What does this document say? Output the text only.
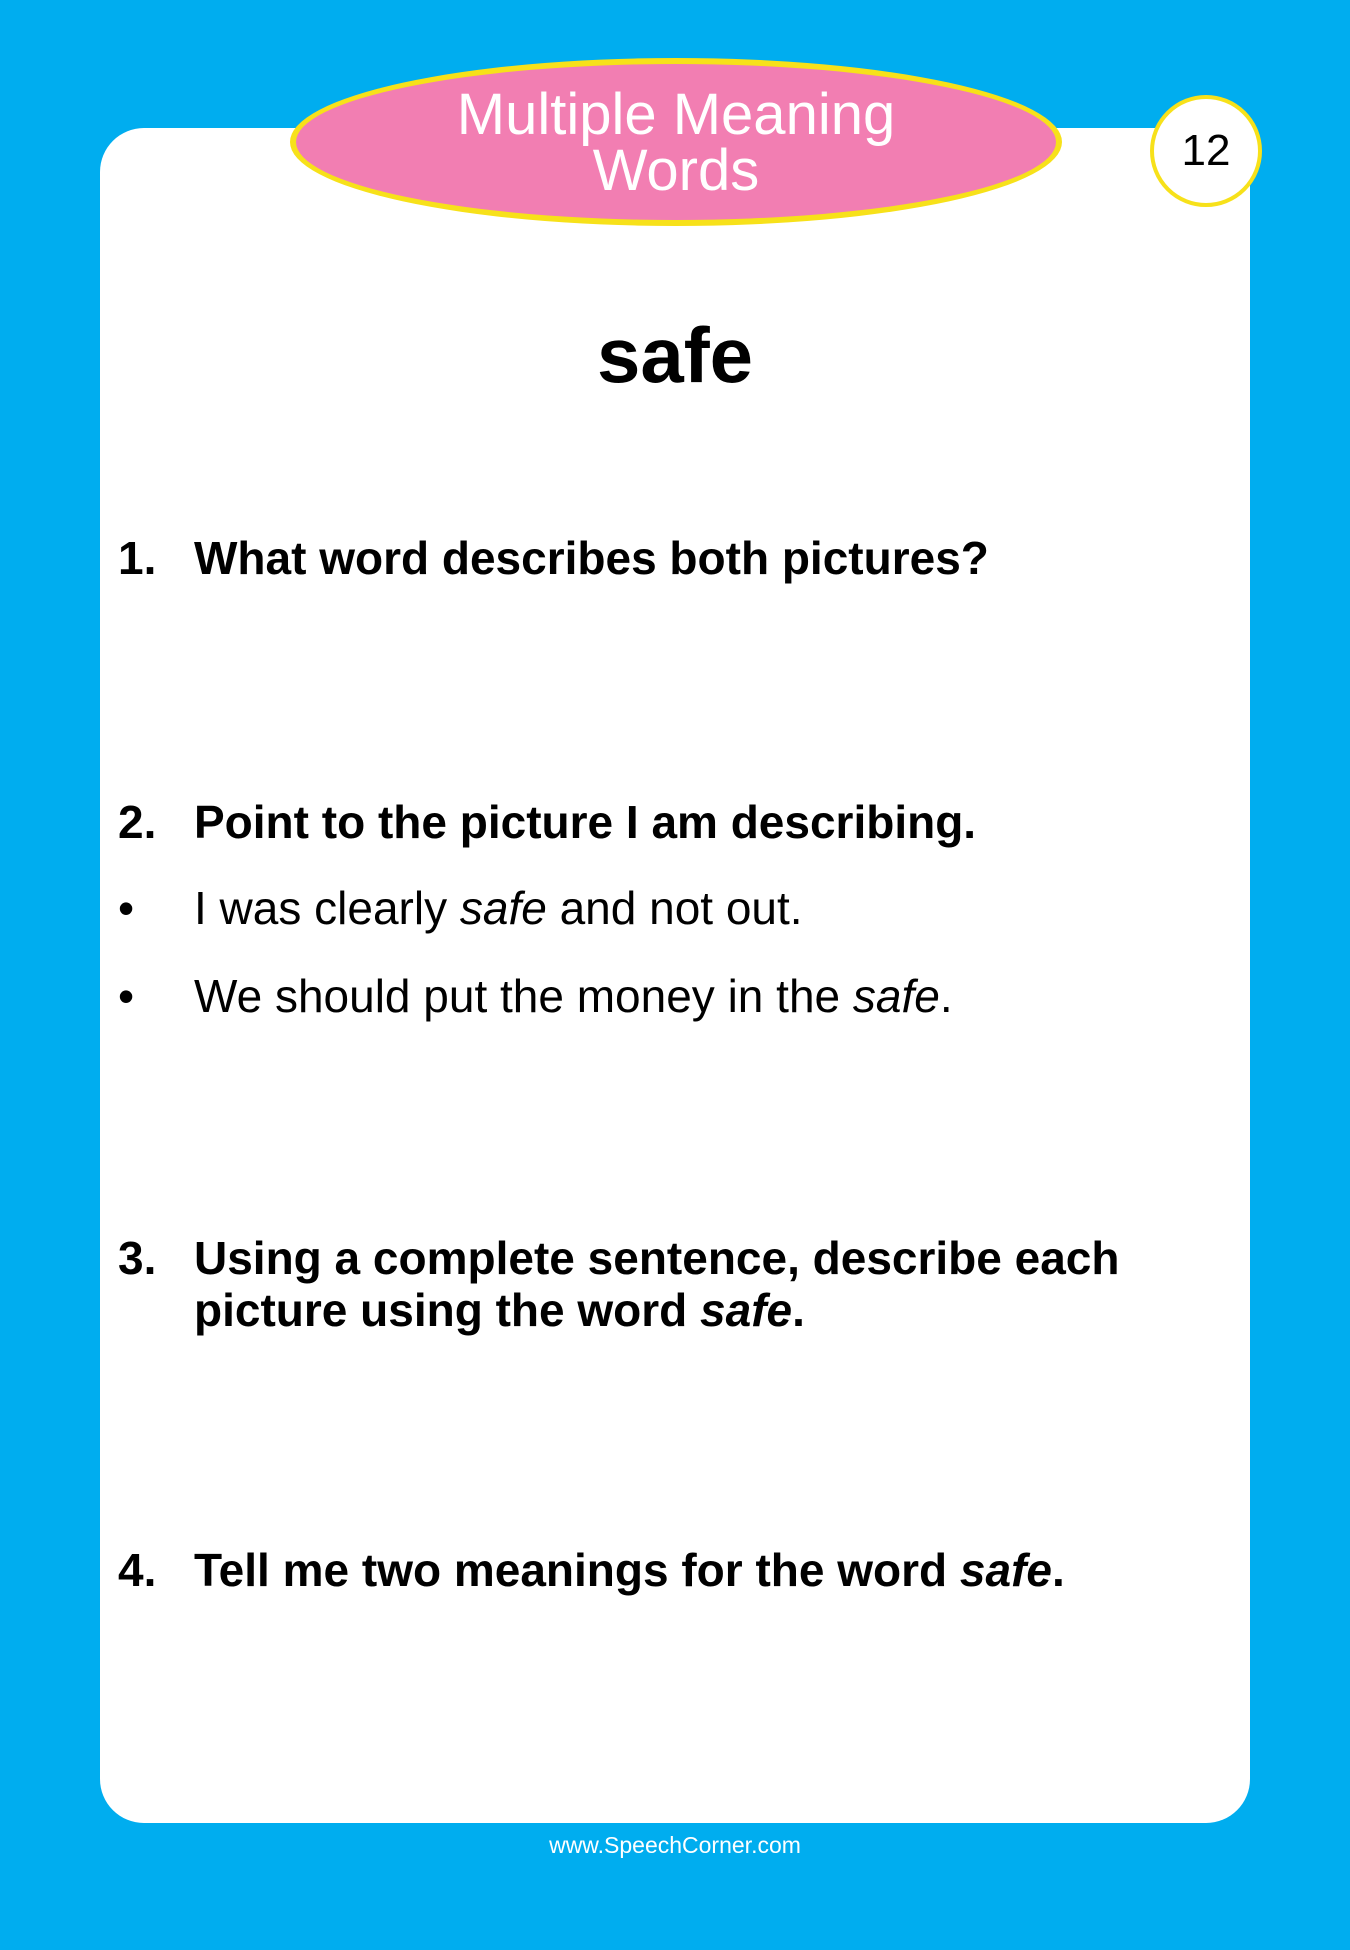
Multiple Meaning
Words	12
safe
1. What word describes both pictures?
2. Point to the picture I am describing.
• I was clearly safe and not out.
• We should put the money in the safe.
3. Using a complete sentence, describe each
picture using the word safe.
4. Tell me two meanings for the word safe.
www.SpeechCorner.com
